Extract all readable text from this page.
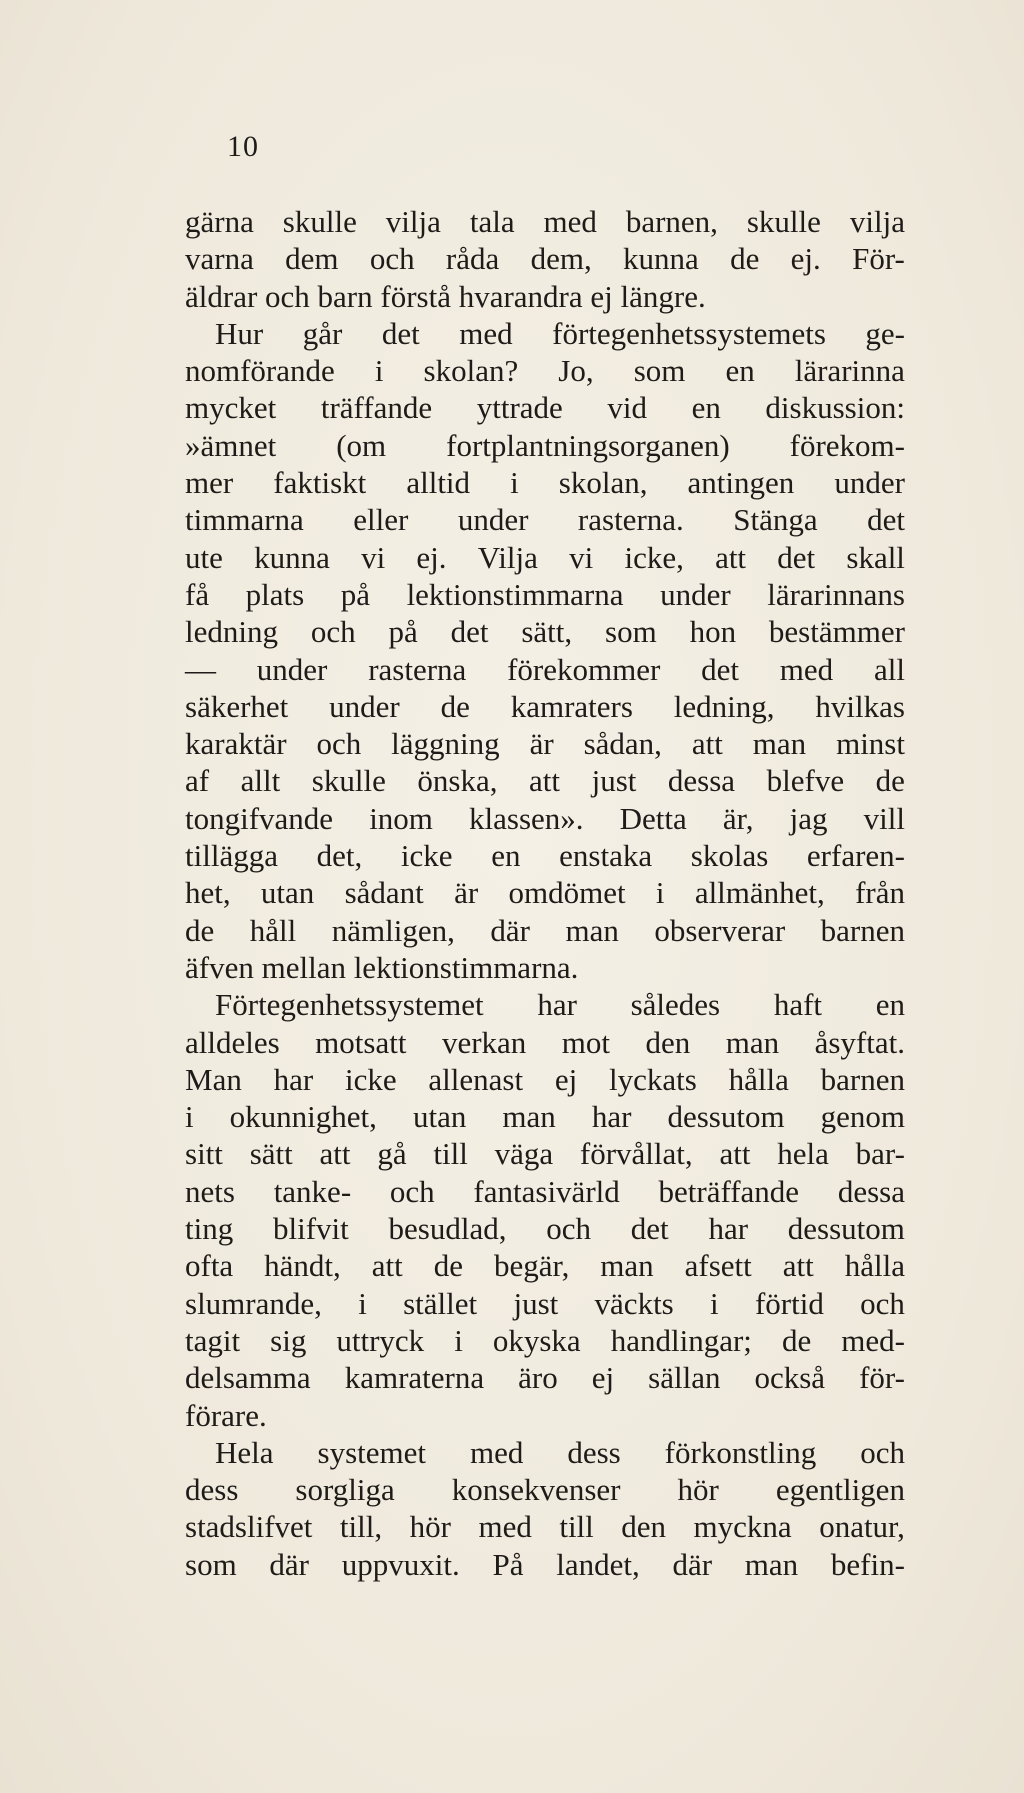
10
gärna skulle vilja tala med barnen, skulle vilja
varna dem och råda dem, kunna de ej. För-
äldrar och barn förstå hvarandra ej längre.
Hur går det med förtegenhetssystemets ge-
nomförande i skolan? Jo, som en lärarinna
mycket träffande yttrade vid en diskussion:
»ämnet (om fortplantningsorganen) förekom-
mer faktiskt alltid i skolan, antingen under
timmarna eller under rasterna. Stänga det
ute kunna vi ej. Vilja vi icke, att det skall
få plats på lektionstimmarna under lärarinnans
ledning och på det sätt, som hon bestämmer
— under rasterna förekommer det med all
säkerhet under de kamraters ledning, hvilkas
karaktär och läggning är sådan, att man minst
af allt skulle önska, att just dessa blefve de
tongifvande inom klassen». Detta är, jag vill
tillägga det, icke en enstaka skolas erfaren-
het, utan sådant är omdömet i allmänhet, från
de håll nämligen, där man observerar barnen
äfven mellan lektionstimmarna.
Förtegenhetssystemet har således haft en
alldeles motsatt verkan mot den man åsyftat.
Man har icke allenast ej lyckats hålla barnen
i okunnighet, utan man har dessutom genom
sitt sätt att gå till väga förvållat, att hela bar-
nets tanke- och fantasivärld beträffande dessa
ting blifvit besudlad, och det har dessutom
ofta händt, att de begär, man afsett att hålla
slumrande, i stället just väckts i förtid och
tagit sig uttryck i okyska handlingar; de med-
delsamma kamraterna äro ej sällan också för-
förare.
Hela systemet med dess förkonstling och
dess sorgliga konsekvenser hör egentligen
stadslifvet till, hör med till den myckna onatur,
som där uppvuxit. På landet, där man befin-
